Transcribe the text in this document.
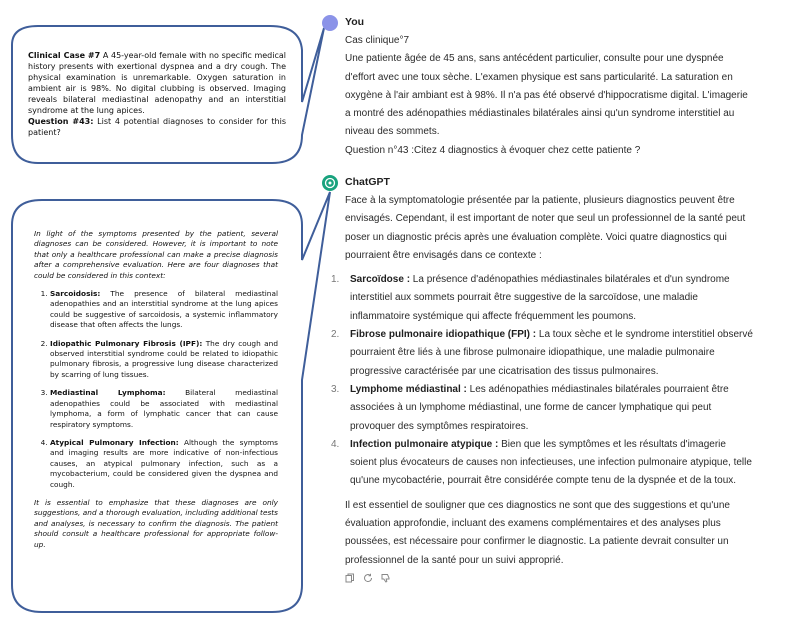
Clinical Case #7 A 45-year-old female with no specific medical history presents with exertional dyspnea and a dry cough. The physical examination is unremarkable. Oxygen saturation in ambient air is 98%. No digital clubbing is observed. Imaging reveals bilateral mediastinal adenopathy and an interstitial syndrome at the lung apices.
Question #43: List 4 potential diagnoses to consider for this patient?
In light of the symptoms presented by the patient, several diagnoses can be considered. However, it is important to note that only a healthcare professional can make a precise diagnosis after a comprehensive evaluation. Here are four diagnoses that could be considered in this context:
1. Sarcoidosis: The presence of bilateral mediastinal adenopathies and an interstitial syndrome at the lung apices could be suggestive of sarcoidosis, a systemic inflammatory disease that often affects the lungs.
2. Idiopathic Pulmonary Fibrosis (IPF): The dry cough and observed interstitial syndrome could be related to idiopathic pulmonary fibrosis, a progressive lung disease characterized by scarring of lung tissues.
3. Mediastinal Lymphoma: Bilateral mediastinal adenopathies could be associated with mediastinal lymphoma, a form of lymphatic cancer that can cause respiratory symptoms.
4. Atypical Pulmonary Infection: Although the symptoms and imaging results are more indicative of non-infectious causes, an atypical pulmonary infection, such as a mycobacterium, could be considered given the dyspnea and cough.
It is essential to emphasize that these diagnoses are only suggestions, and a thorough evaluation, including additional tests and analyses, is necessary to confirm the diagnosis. The patient should consult a healthcare professional for appropriate follow-up.
You
Cas clinique°7
Une patiente âgée de 45 ans, sans antécédent particulier, consulte pour une dyspnée d'effort avec une toux sèche. L'examen physique est sans particularité. La saturation en oxygène à l'air ambiant est à 98%. Il n'a pas été observé d'hippocratisme digital. L'imagerie a montré des adénopathies médiastinales bilatérales ainsi qu'un syndrome interstitiel au niveau des sommets.
Question n°43 :Citez 4 diagnostics à évoquer chez cette patiente ?
ChatGPT
Face à la symptomatologie présentée par la patiente, plusieurs diagnostics peuvent être envisagés. Cependant, il est important de noter que seul un professionnel de la santé peut poser un diagnostic précis après une évaluation complète. Voici quatre diagnostics qui pourraient être envisagés dans ce contexte :
1. Sarcoïdose : La présence d'adénopathies médiastinales bilatérales et d'un syndrome interstitiel aux sommets pourrait être suggestive de la sarcoïdose, une maladie inflammatoire systémique qui affecte fréquemment les poumons.
2. Fibrose pulmonaire idiopathique (FPI) : La toux sèche et le syndrome interstitiel observé pourraient être liés à une fibrose pulmonaire idiopathique, une maladie pulmonaire progressive caractérisée par une cicatrisation des tissus pulmonaires.
3. Lymphome médiastinal : Les adénopathies médiastinales bilatérales pourraient être associées à un lymphome médiastinal, une forme de cancer lymphatique qui peut provoquer des symptômes respiratoires.
4. Infection pulmonaire atypique : Bien que les symptômes et les résultats d'imagerie soient plus évocateurs de causes non infectieuses, une infection pulmonaire atypique, telle qu'une mycobactérie, pourrait être considérée compte tenu de la dyspnée et de la toux.
Il est essentiel de souligner que ces diagnostics ne sont que des suggestions et qu'une évaluation approfondie, incluant des examens complémentaires et des analyses plus poussées, est nécessaire pour confirmer le diagnostic. La patiente devrait consulter un professionnel de la santé pour un suivi approprié.
